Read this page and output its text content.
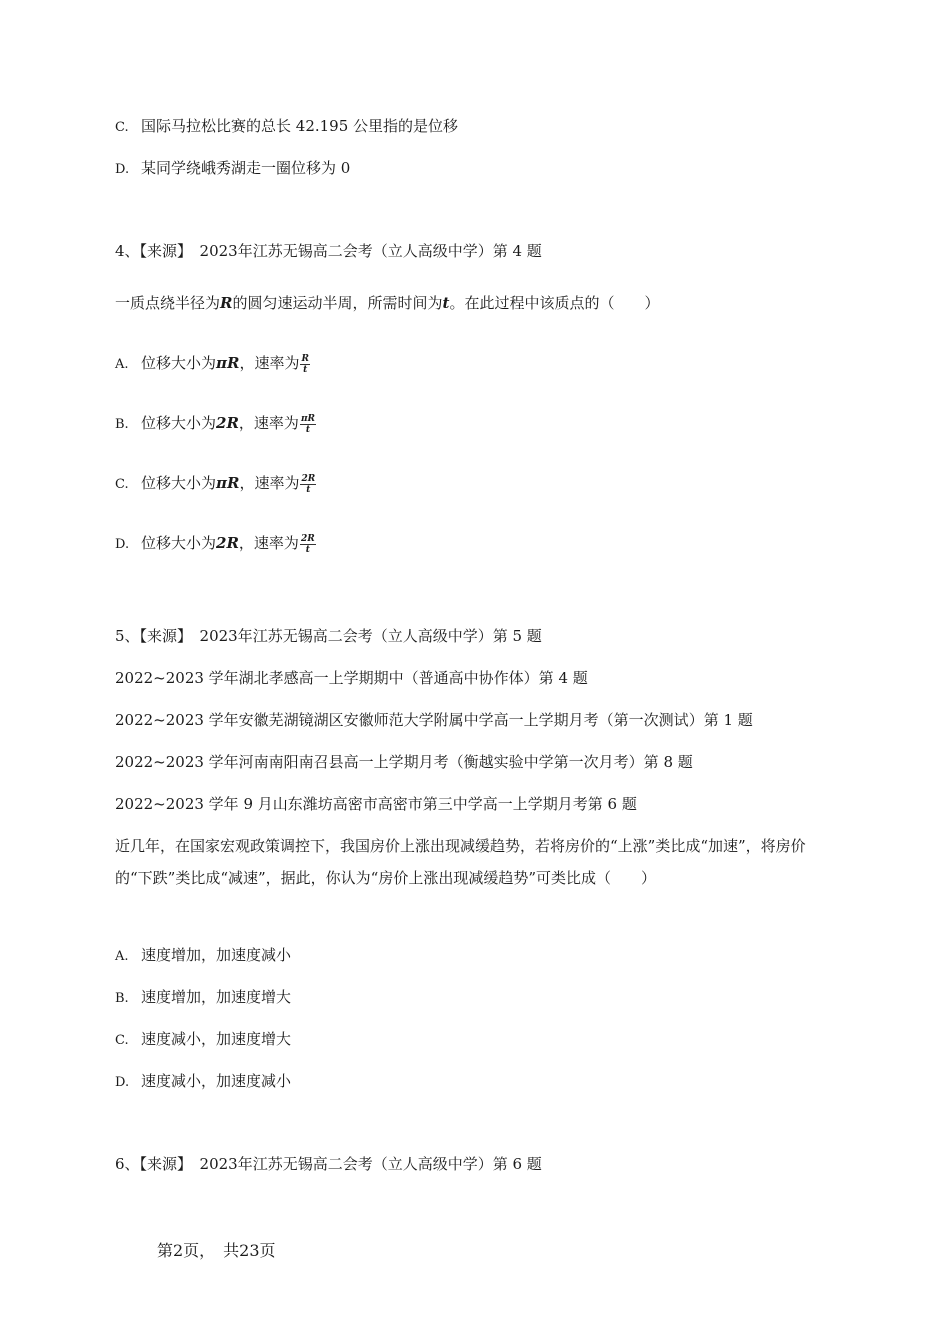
C. 国际马拉松比赛的总长 42.195 公里指的是位移
D. 某同学绕峨秀湖走一圈位移为 0
4、【来源】　2023年江苏无锡高二会考（立人高级中学）第 4 题
一质点绕半径为R的圆匀速运动半周，所需时间为t。在此过程中该质点的（　　）
A. 位移大小为πR，速率为 $\frac{R}{t}$
B. 位移大小为2R，速率为 $\frac{\pi R}{t}$
C. 位移大小为πR，速率为 $\frac{2R}{t}$
D. 位移大小为2R，速率为 $\frac{2R}{t}$
5、【来源】　2023年江苏无锡高二会考（立人高级中学）第 5 题
2022~2023 学年湖北孝感高一上学期期中（普通高中协作体）第 4 题
2022~2023 学年安徽芜湖镜湖区安徽师范大学附属中学高一上学期月考（第一次测试）第 1 题
2022~2023 学年河南南阳南召县高一上学期月考（衡越实验中学第一次月考）第 8 题
2022~2023 学年 9 月山东潍坊高密市高密市第三中学高一上学期月考第 6 题
近几年，在国家宏观政策调控下，我国房价上涨出现减缓趋势，若将房价的“上涨”类比成“加速”，将房价的“下跌”类比成“减速”，据此，你认为“房价上涨出现减缓趋势”可类比成（　　）
A. 速度增加，加速度减小
B. 速度增加，加速度增大
C. 速度减小，加速度增大
D. 速度减小，加速度减小
6、【来源】　2023年江苏无锡高二会考（立人高级中学）第 6 题
第2页，　共23页
